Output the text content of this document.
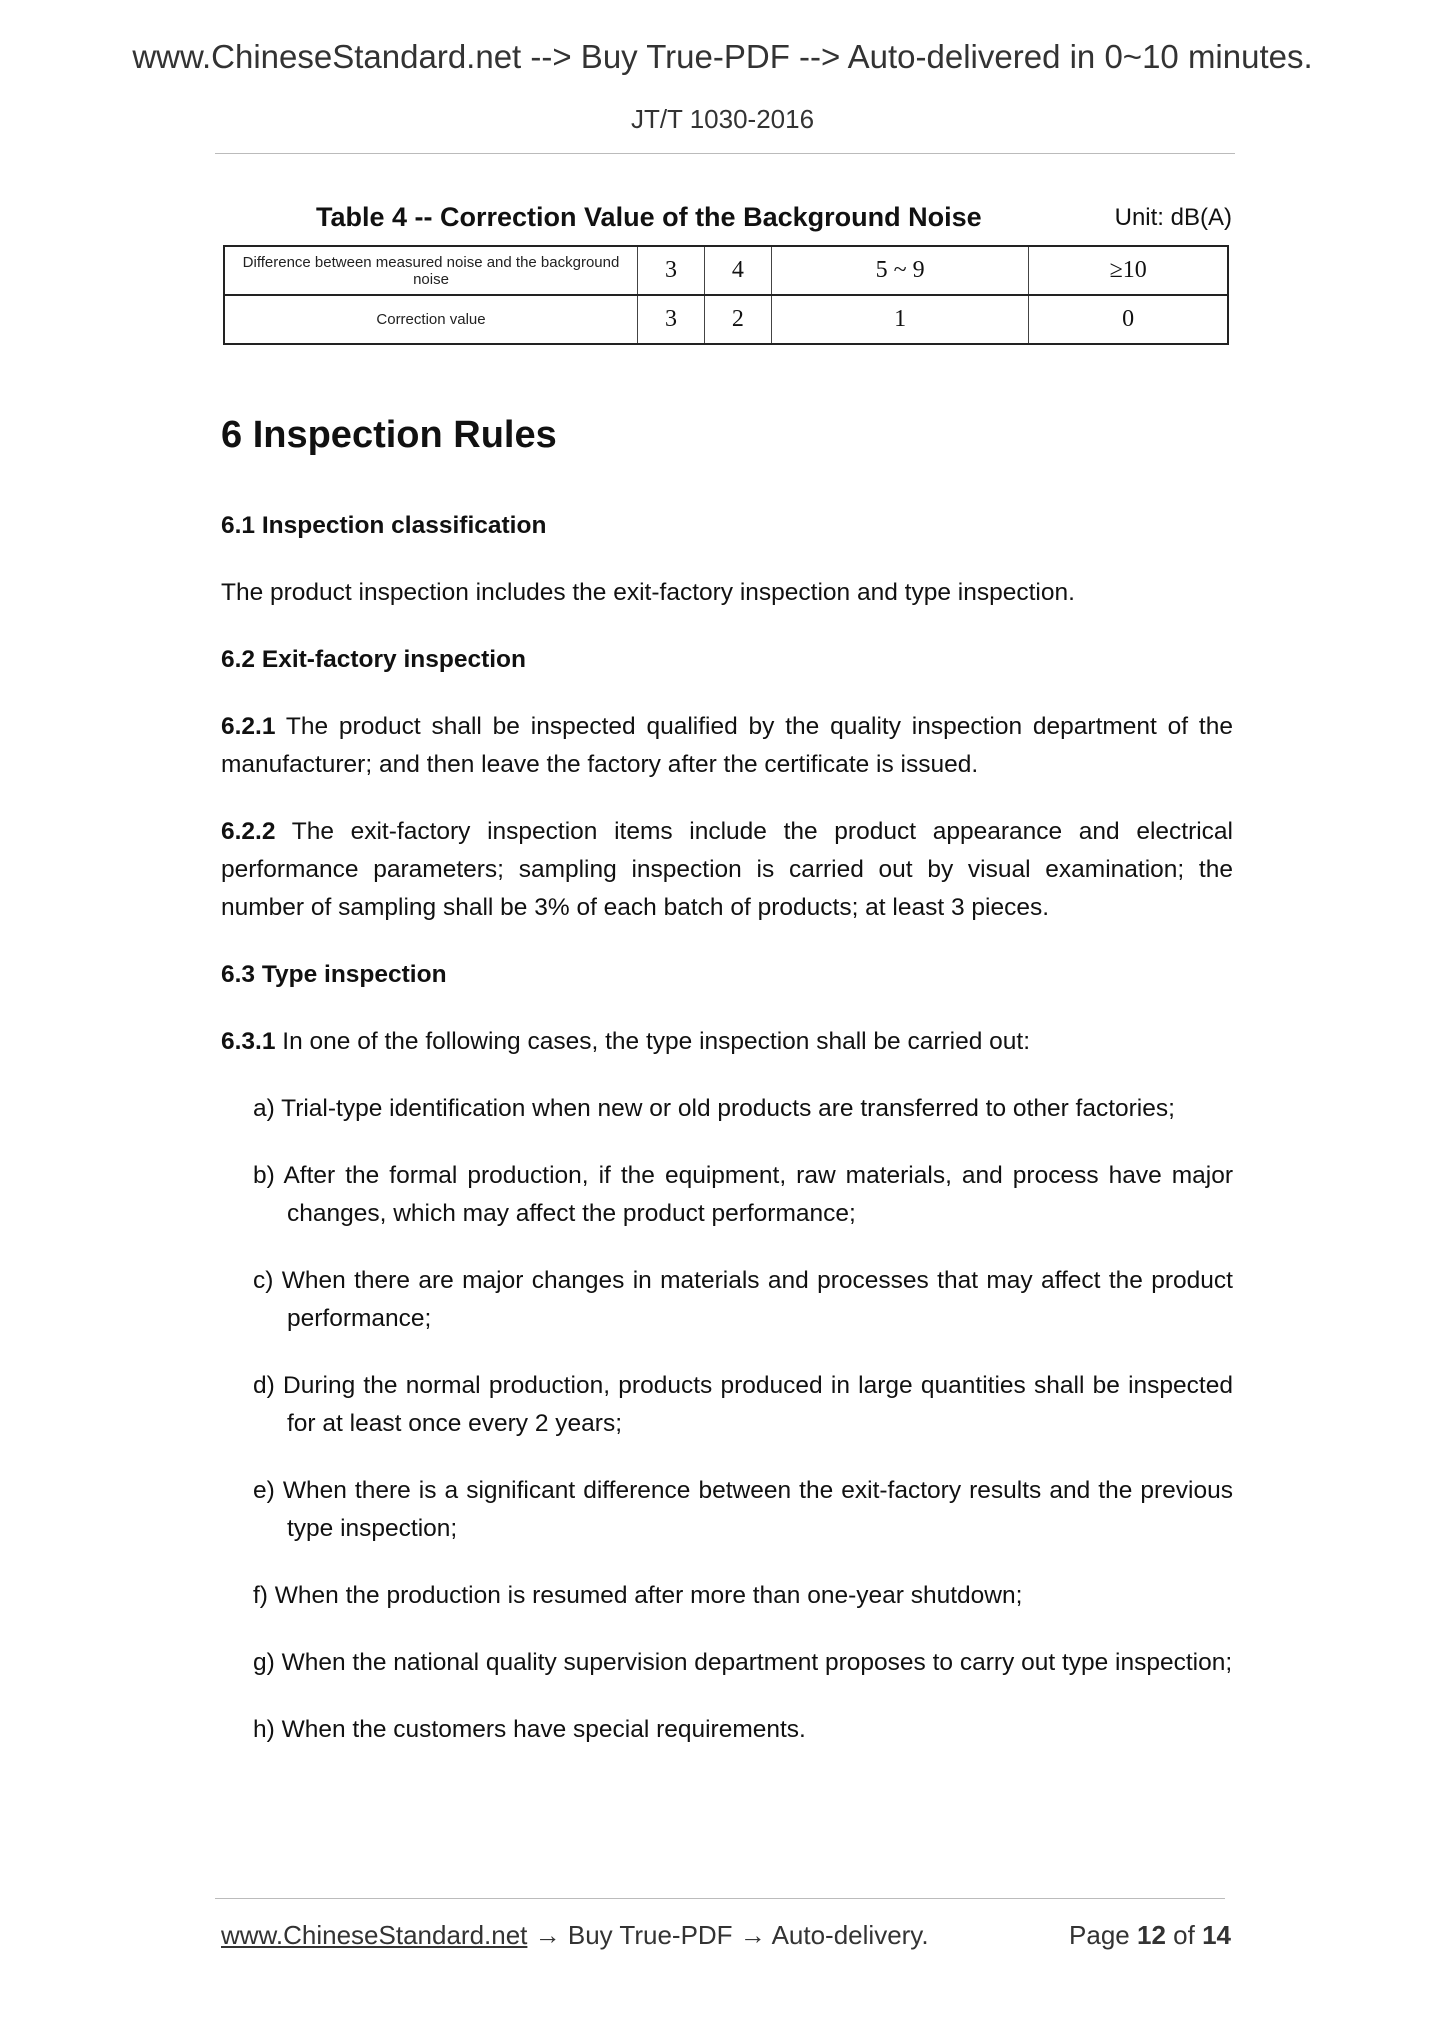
www.ChineseStandard.net --> Buy True-PDF --> Auto-delivered in 0~10 minutes.
JT/T 1030-2016
Table 4 -- Correction Value of the Background Noise	Unit: dB(A)
Difference between measured noise and the background noise	3	4	5 ~ 9	≥10
Correction value	3	2	1	0
6 Inspection Rules

6.1 Inspection classification

The product inspection includes the exit-factory inspection and type inspection.

6.2 Exit-factory inspection

6.2.1 The product shall be inspected qualified by the quality inspection department of the manufacturer; and then leave the factory after the certificate is issued.

6.2.2 The exit-factory inspection items include the product appearance and electrical performance parameters; sampling inspection is carried out by visual examination; the number of sampling shall be 3% of each batch of products; at least 3 pieces.

6.3 Type inspection

6.3.1 In one of the following cases, the type inspection shall be carried out:

a) Trial-type identification when new or old products are transferred to other factories;
b) After the formal production, if the equipment, raw materials, and process have major changes, which may affect the product performance;
c) When there are major changes in materials and processes that may affect the product performance;
d) During the normal production, products produced in large quantities shall be inspected for at least once every 2 years;
e) When there is a significant difference between the exit-factory results and the previous type inspection;
f) When the production is resumed after more than one-year shutdown;
g) When the national quality supervision department proposes to carry out type inspection;
h) When the customers have special requirements.
www.ChineseStandard.net → Buy True-PDF → Auto-delivery.	Page 12 of 14
